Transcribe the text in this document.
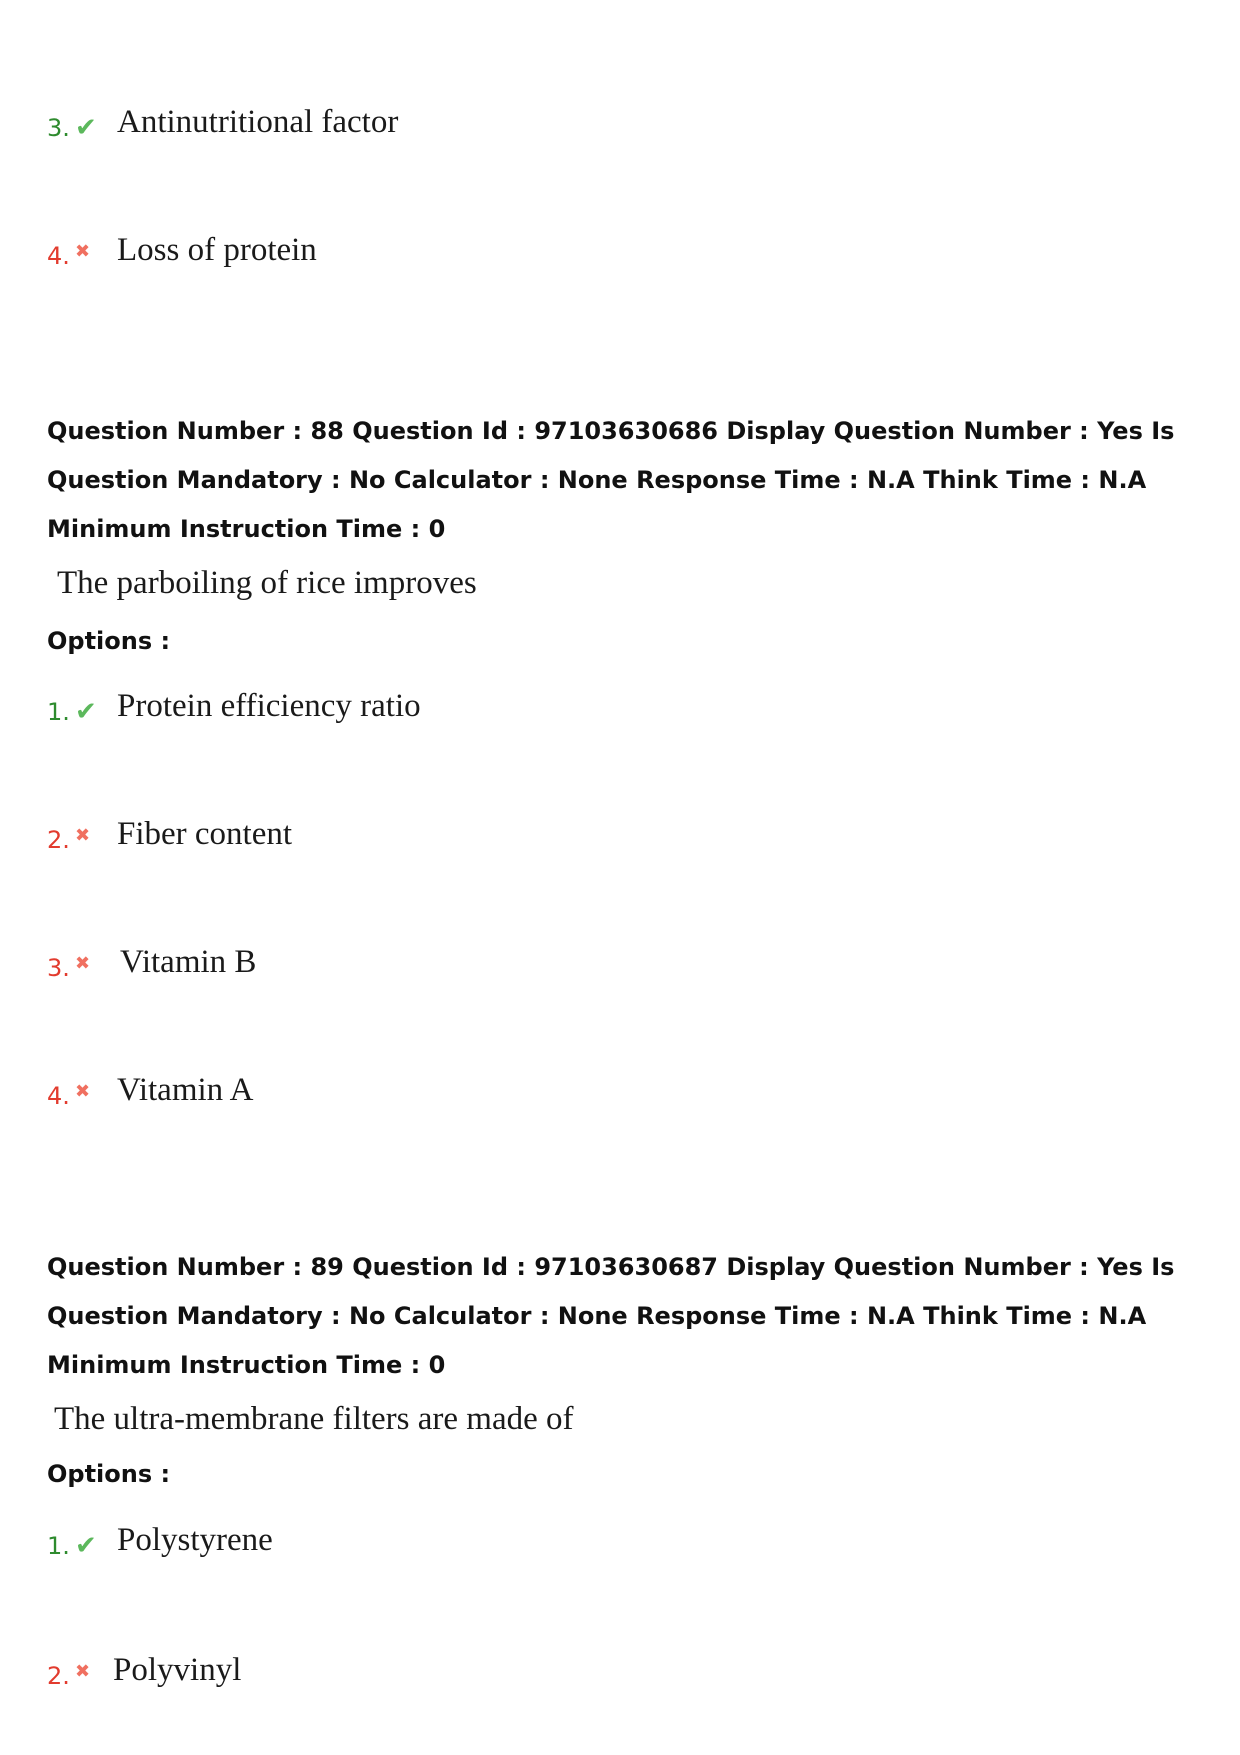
3. ✔ Antinutritional factor
4. ✖ Loss of protein
Question Number : 88 Question Id : 97103630686 Display Question Number : Yes Is Question Mandatory : No Calculator : None Response Time : N.A Think Time : N.A Minimum Instruction Time : 0
The parboiling of rice improves
Options :
1. ✔ Protein efficiency ratio
2. ✖ Fiber content
3. ✖ Vitamin B
4. ✖ Vitamin A
Question Number : 89 Question Id : 97103630687 Display Question Number : Yes Is Question Mandatory : No Calculator : None Response Time : N.A Think Time : N.A Minimum Instruction Time : 0
The ultra-membrane filters are made of
Options :
1. ✔ Polystyrene
2. ✖ Polyvinyl
